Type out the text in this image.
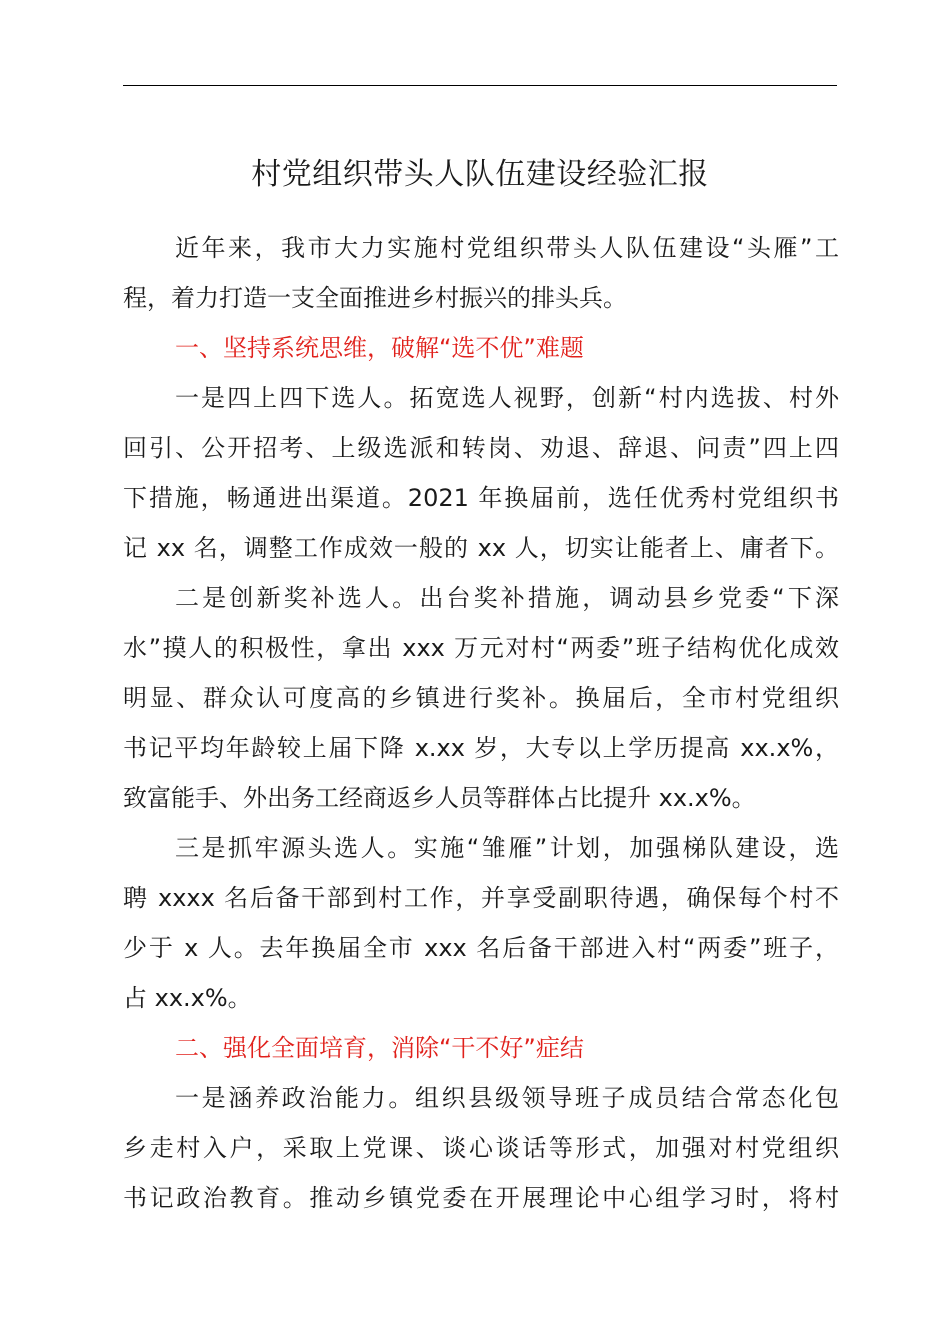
村党组织带头人队伍建设经验汇报
近年来，我市大力实施村党组织带头人队伍建设“头雁”工
程，着力打造一支全面推进乡村振兴的排头兵。
一、坚持系统思维，破解“选不优”难题
一是四上四下选人。拓宽选人视野，创新“村内选拔、村外
回引、公开招考、上级选派和转岗、劝退、辞退、问责”四上四
下措施，畅通进出渠道。2021 年换届前，选任优秀村党组织书
记 xx 名，调整工作成效一般的 xx 人，切实让能者上、庸者下。
二是创新奖补选人。出台奖补措施，调动县乡党委“下深
水”摸人的积极性，拿出 xxx 万元对村“两委”班子结构优化成效
明显、群众认可度高的乡镇进行奖补。换届后，全市村党组织
书记平均年龄较上届下降 x.xx 岁，大专以上学历提高 xx.x%，
致富能手、外出务工经商返乡人员等群体占比提升 xx.x%。
三是抓牢源头选人。实施“雏雁”计划，加强梯队建设，选
聘 xxxx 名后备干部到村工作，并享受副职待遇，确保每个村不
少于 x 人。去年换届全市 xxx 名后备干部进入村“两委”班子，
占 xx.x%。
二、强化全面培育，消除“干不好”症结
一是涵养政治能力。组织县级领导班子成员结合常态化包
乡走村入户，采取上党课、谈心谈话等形式，加强对村党组织
书记政治教育。推动乡镇党委在开展理论中心组学习时，将村
